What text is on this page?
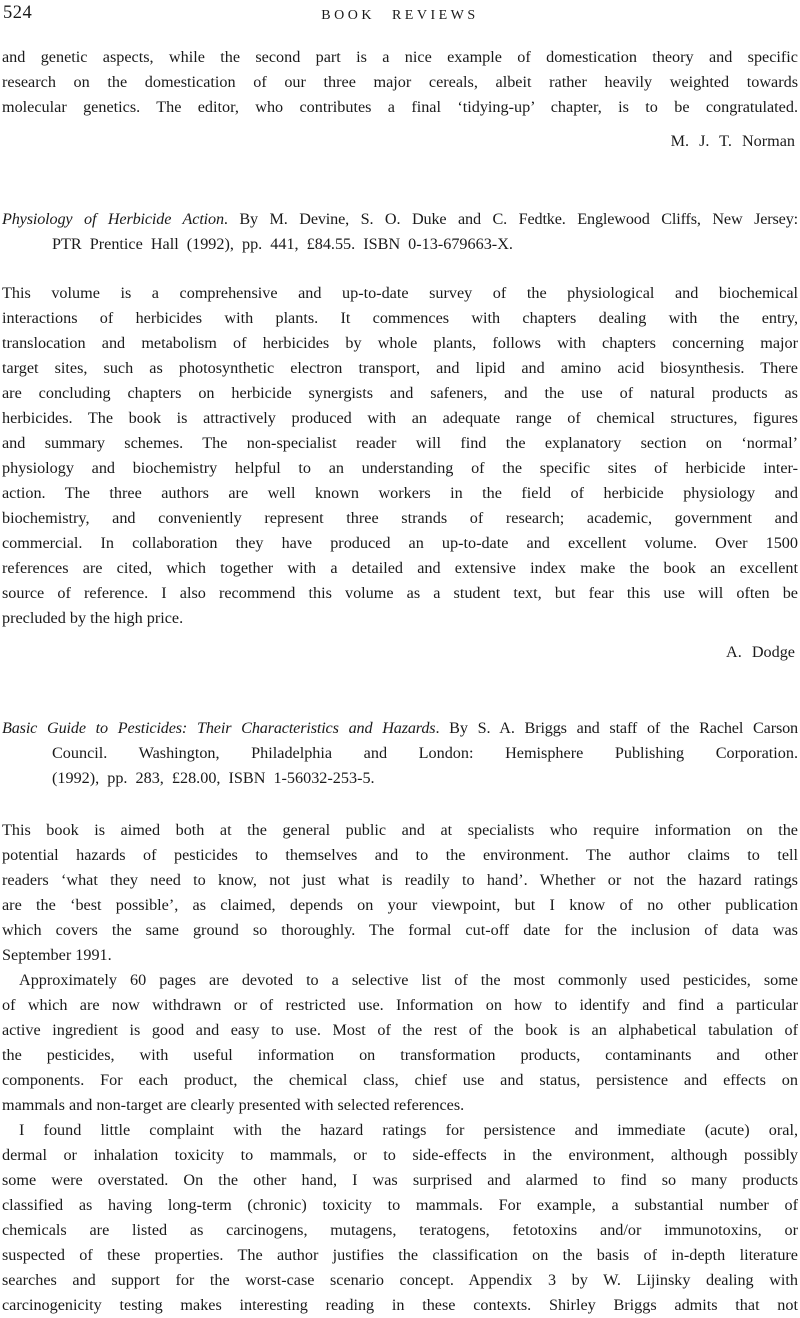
524	BOOK REVIEWS
and genetic aspects, while the second part is a nice example of domestication theory and specific
research on the domestication of our three major cereals, albeit rather heavily weighted towards
molecular genetics. The editor, who contributes a final ‘tidying-up’ chapter, is to be congratulated.
M. J. T. Norman
Physiology of Herbicide Action. By M. Devine, S. O. Duke and C. Fedtke. Englewood Cliffs, New Jersey:
PTR Prentice Hall (1992), pp. 441, £84.55. ISBN 0-13-679663-X.
This volume is a comprehensive and up-to-date survey of the physiological and biochemical
interactions of herbicides with plants. It commences with chapters dealing with the entry,
translocation and metabolism of herbicides by whole plants, follows with chapters concerning major
target sites, such as photosynthetic electron transport, and lipid and amino acid biosynthesis. There
are concluding chapters on herbicide synergists and safeners, and the use of natural products as
herbicides. The book is attractively produced with an adequate range of chemical structures, figures
and summary schemes. The non-specialist reader will find the explanatory section on ‘normal’
physiology and biochemistry helpful to an understanding of the specific sites of herbicide inter-
action. The three authors are well known workers in the field of herbicide physiology and
biochemistry, and conveniently represent three strands of research; academic, government and
commercial. In collaboration they have produced an up-to-date and excellent volume. Over 1500
references are cited, which together with a detailed and extensive index make the book an excellent
source of reference. I also recommend this volume as a student text, but fear this use will often be
precluded by the high price.
A. Dodge
Basic Guide to Pesticides: Their Characteristics and Hazards. By S. A. Briggs and staff of the Rachel Carson
Council. Washington, Philadelphia and London: Hemisphere Publishing Corporation.
(1992), pp. 283, £28.00, ISBN 1-56032-253-5.
This book is aimed both at the general public and at specialists who require information on the
potential hazards of pesticides to themselves and to the environment. The author claims to tell
readers ‘what they need to know, not just what is readily to hand’. Whether or not the hazard ratings
are the ‘best possible’, as claimed, depends on your viewpoint, but I know of no other publication
which covers the same ground so thoroughly. The formal cut-off date for the inclusion of data was
September 1991.
Approximately 60 pages are devoted to a selective list of the most commonly used pesticides, some
of which are now withdrawn or of restricted use. Information on how to identify and find a particular
active ingredient is good and easy to use. Most of the rest of the book is an alphabetical tabulation of
the pesticides, with useful information on transformation products, contaminants and other
components. For each product, the chemical class, chief use and status, persistence and effects on
mammals and non-target are clearly presented with selected references.
I found little complaint with the hazard ratings for persistence and immediate (acute) oral,
dermal or inhalation toxicity to mammals, or to side-effects in the environment, although possibly
some were overstated. On the other hand, I was surprised and alarmed to find so many products
classified as having long-term (chronic) toxicity to mammals. For example, a substantial number of
chemicals are listed as carcinogens, mutagens, teratogens, fetotoxins and/or immunotoxins, or
suspected of these properties. The author justifies the classification on the basis of in-depth literature
searches and support for the worst-case scenario concept. Appendix 3 by W. Lijinsky dealing with
carcinogenicity testing makes interesting reading in these contexts. Shirley Briggs admits that not
